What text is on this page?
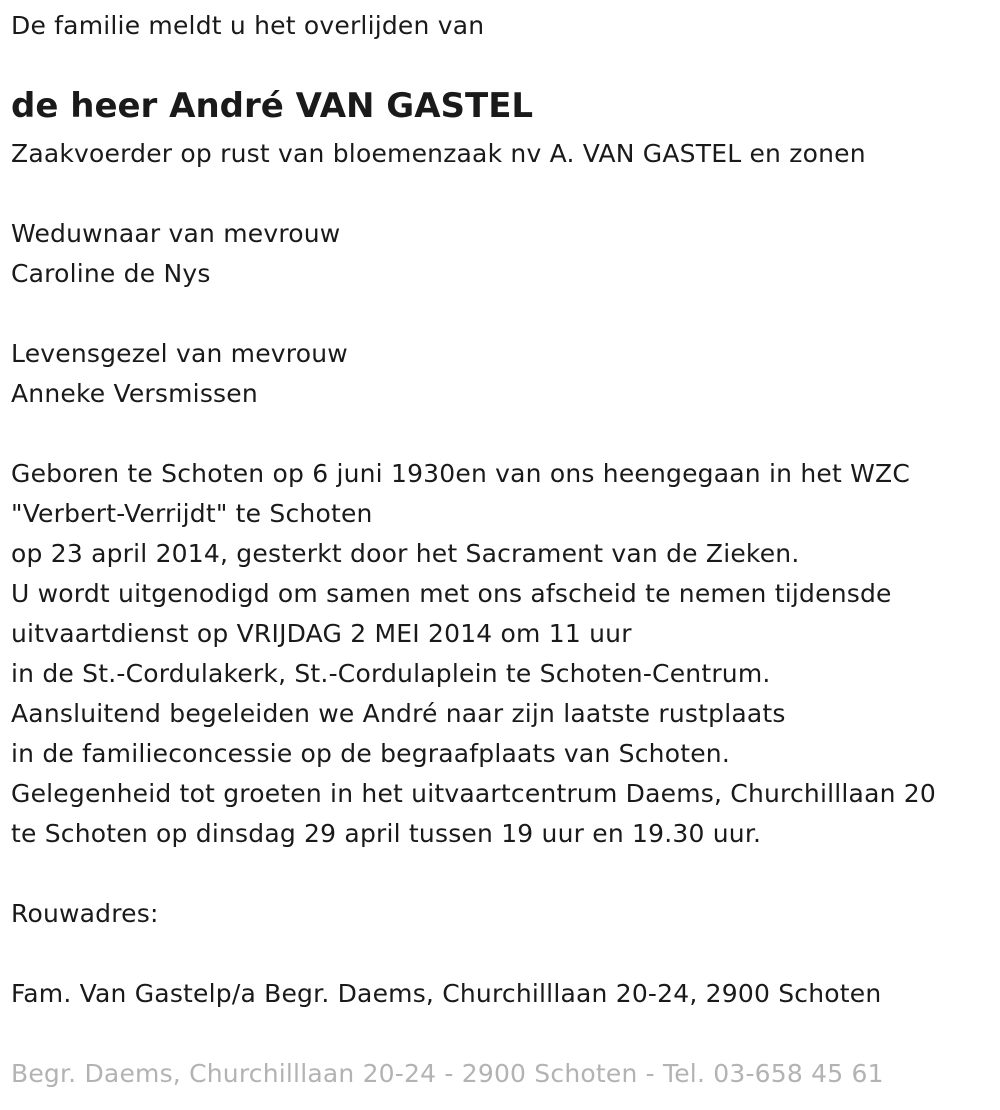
De familie meldt u het overlijden van
de heer André VAN GASTEL
Zaakvoerder op rust van bloemenzaak nv A. VAN GASTEL en zonen
Weduwnaar van mevrouw
Caroline de Nys
Levensgezel van mevrouw
Anneke Versmissen
Geboren te Schoten op 6 juni 1930en van ons heengegaan in het WZC
"Verbert-Verrijdt" te Schoten
op 23 april 2014, gesterkt door het Sacrament van de Zieken.
U wordt uitgenodigd om samen met ons afscheid te nemen tijdensde
uitvaartdienst op VRIJDAG 2 MEI 2014 om 11 uur
in de St.-Cordulakerk, St.-Cordulaplein te Schoten-Centrum.
Aansluitend begeleiden we André naar zijn laatste rustplaats
in de familieconcessie op de begraafplaats van Schoten.
Gelegenheid tot groeten in het uitvaartcentrum Daems, Churchilllaan 20
te Schoten op dinsdag 29 april tussen 19 uur en 19.30 uur.
Rouwadres:
Fam. Van Gastelp/a Begr. Daems, Churchilllaan 20-24, 2900 Schoten
Begr. Daems, Churchilllaan 20-24 - 2900 Schoten - Tel. 03-658 45 61
